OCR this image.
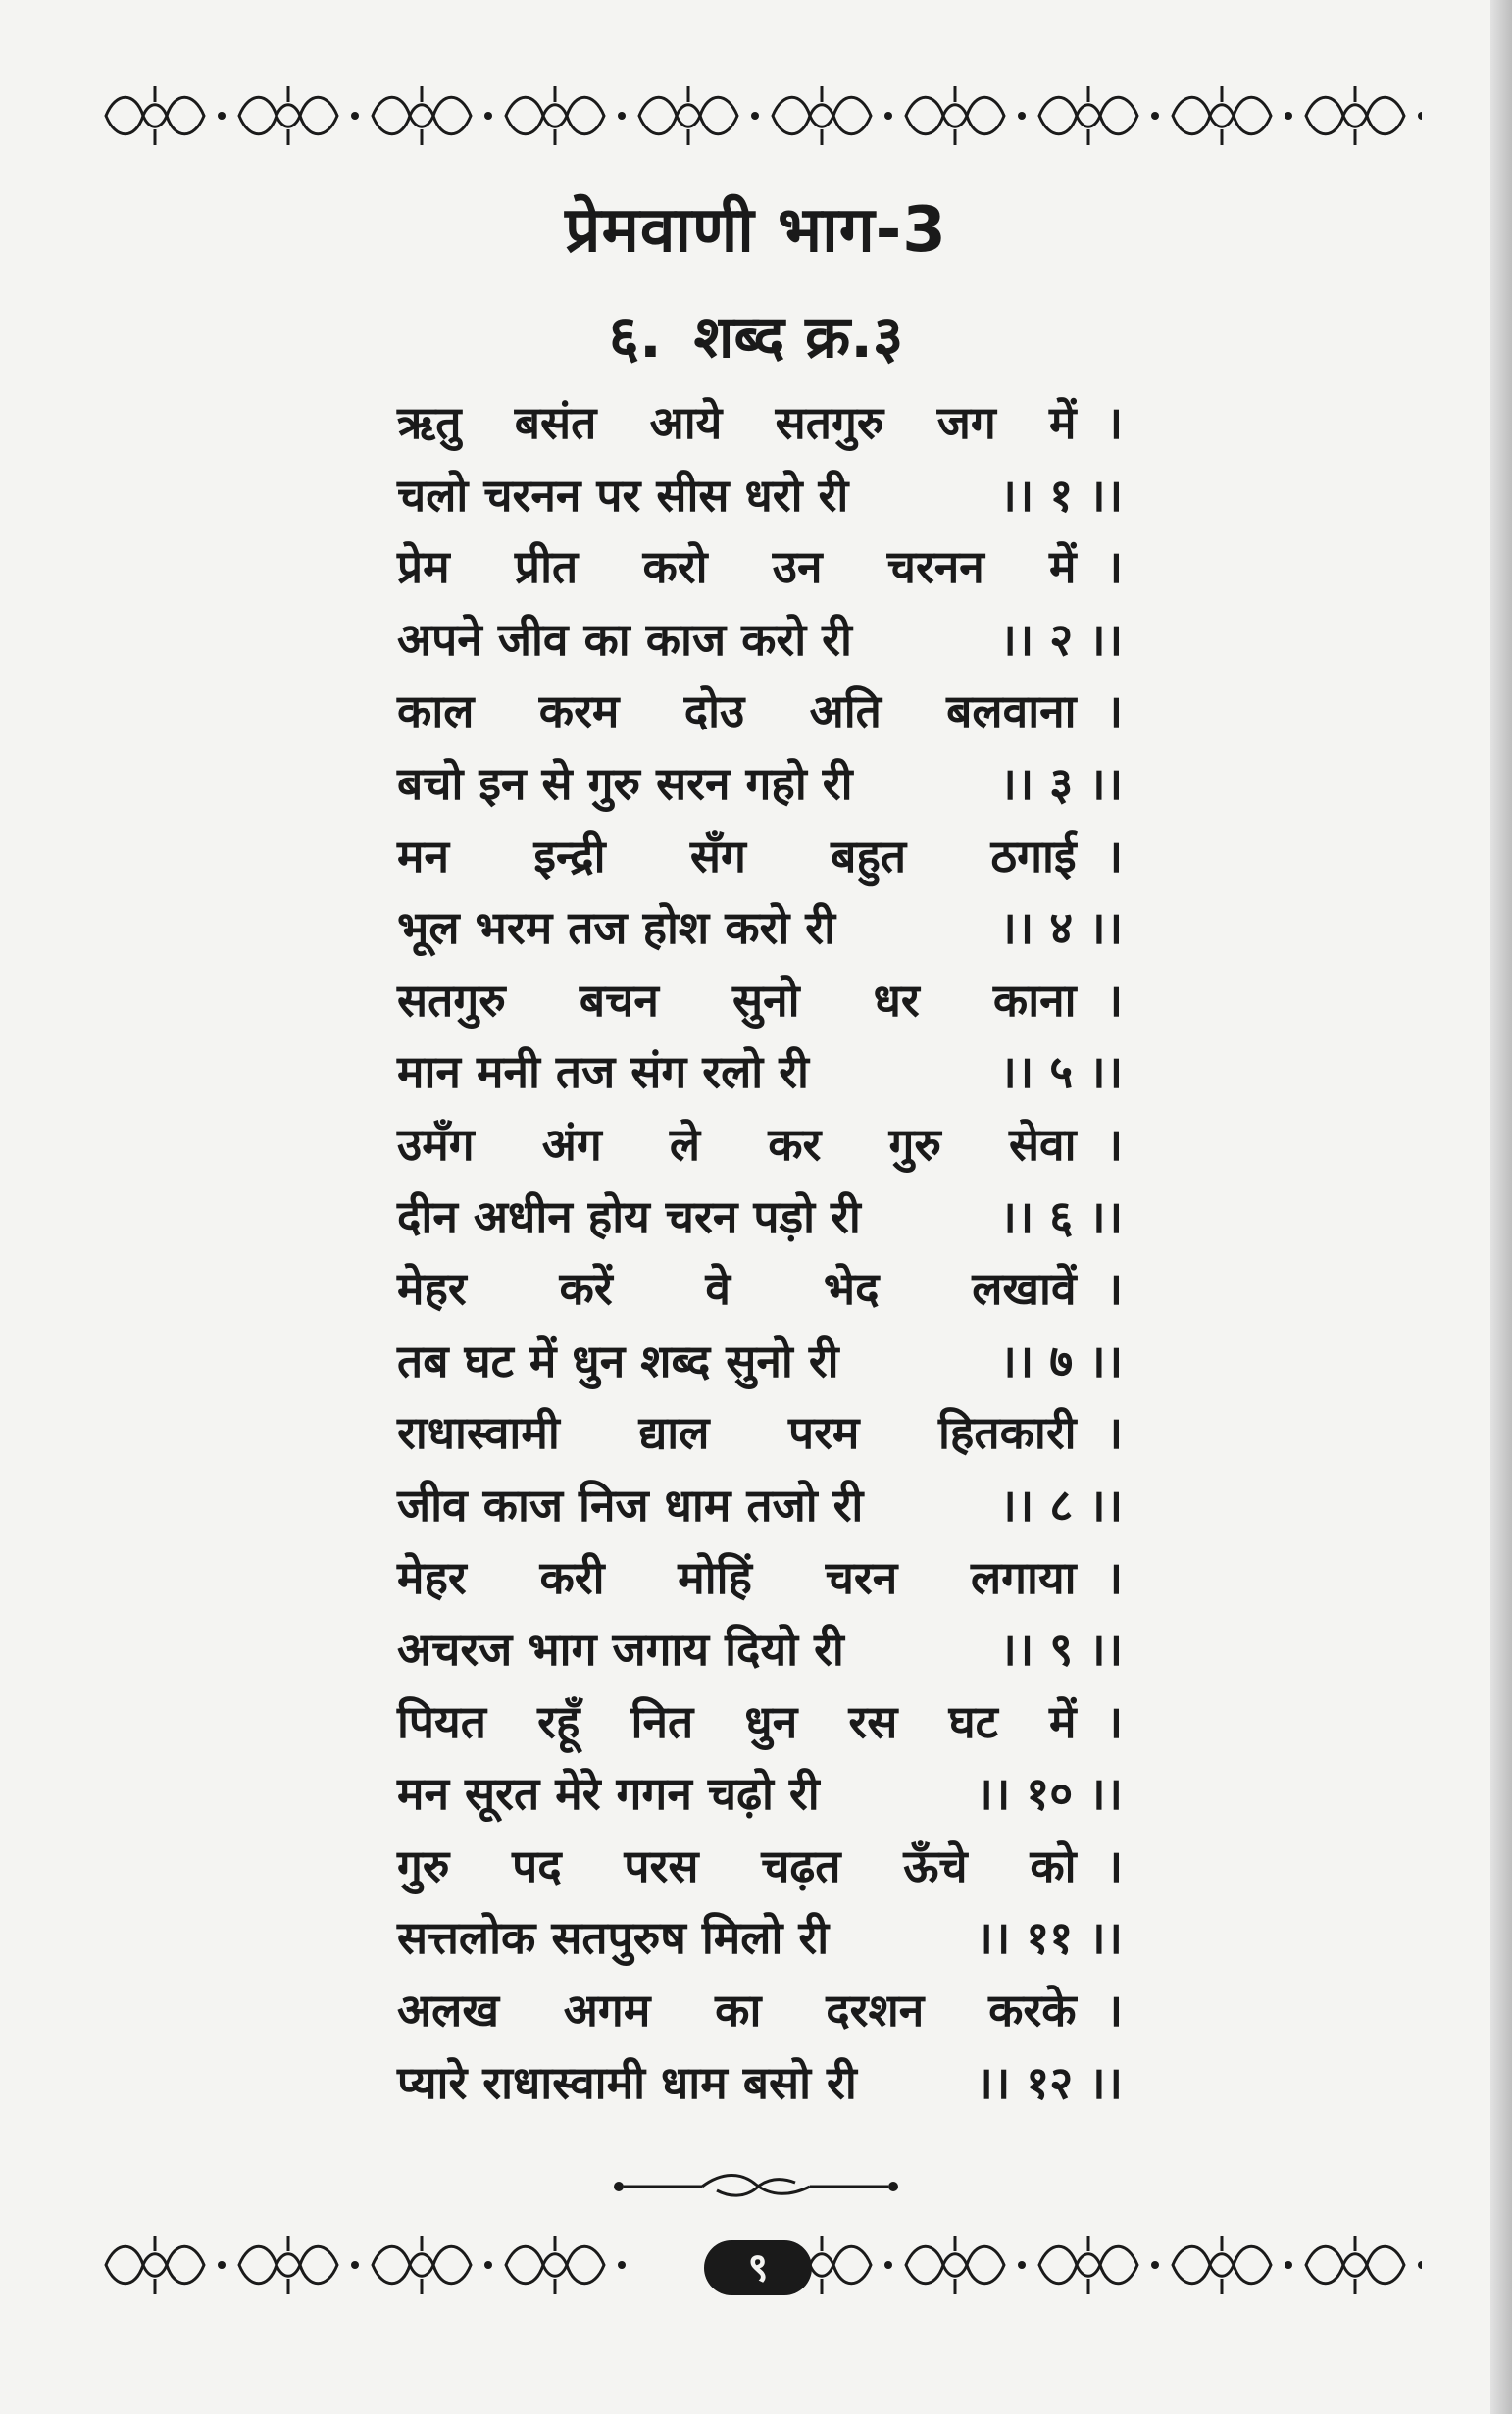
प्रेमवाणी भाग-3
६. शब्द क्र.३
ऋतु बसंत आये सतगुरु जग में ।
चलो चरनन पर सीस धरो री	।। १ ।।
प्रेम प्रीत करो उन चरनन में ।
अपने जीव का काज करो री	।। २ ।।
काल करम दोउ अति बलवाना ।
बचो इन से गुरु सरन गहो री	।। ३ ।।
मन इन्द्री सँग बहुत ठगाई ।
भूल भरम तज होश करो री	।। ४ ।।
सतगुरु बचन सुनो धर काना ।
मान मनी तज संग रलो री	।। ५ ।।
उमँग अंग ले कर गुरु सेवा ।
दीन अधीन होय चरन पड़ो री	।। ६ ।।
मेहर करें वे भेद लखावें ।
तब घट में धुन शब्द सुनो री	।। ७ ।।
राधास्वामी द्याल परम हितकारी ।
जीव काज निज धाम तजो री	।। ८ ।।
मेहर करी मोहिं चरन लगाया ।
अचरज भाग जगाय दियो री	।। ९ ।।
पियत रहूँ नित धुन रस घट में ।
मन सूरत मेरे गगन चढ़ो री	।। १० ।।
गुरु पद परस चढ़त ऊँचे को ।
सत्तलोक सतपुरुष मिलो री	।। ११ ।।
अलख अगम का दरशन करके ।
प्यारे राधास्वामी धाम बसो री	।। १२ ।।
९
